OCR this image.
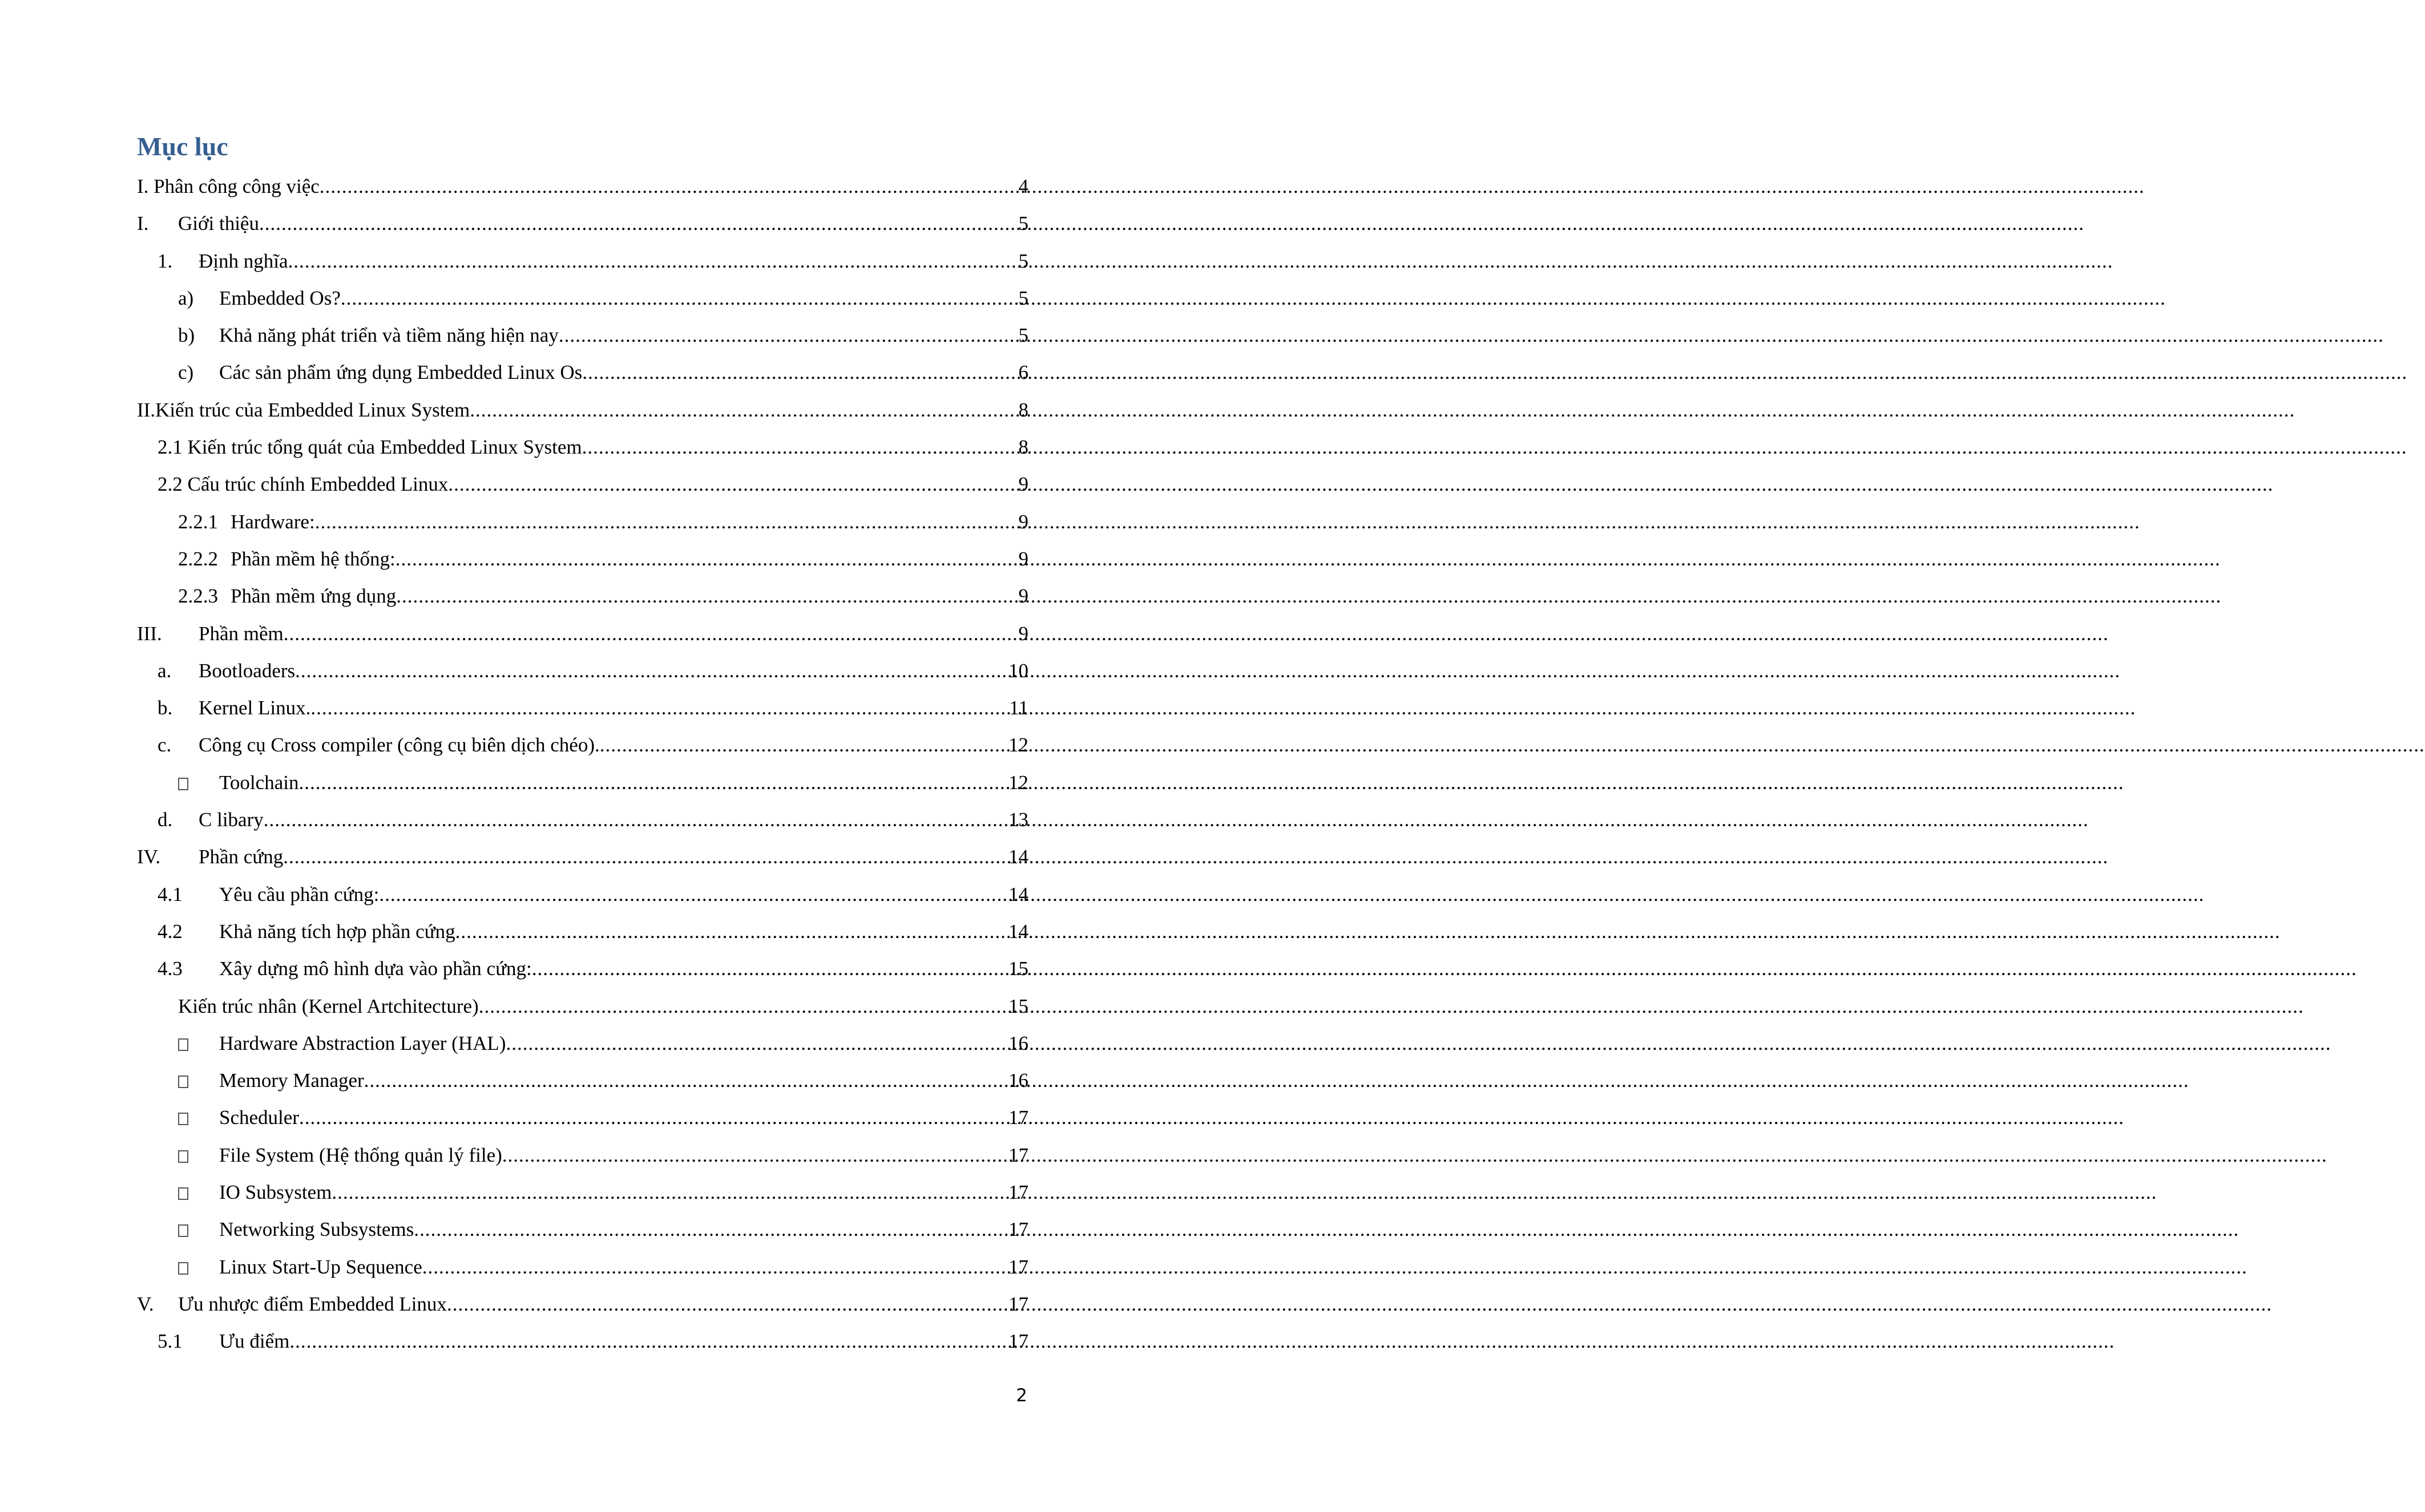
Mục lục
I. Phân công công việc .....	4
I.	Giới thiệu .....	5
1.	Định nghĩa .....	5
a)	Embedded Os? .....	5
b)	Khả năng phát triển và tiềm năng hiện nay .....	5
c)	Các sản phẩm ứng dụng Embedded Linux Os .....	6
II.Kiến trúc của Embedded Linux System .....	8
2.1 Kiến trúc tổng quát của Embedded Linux System .....	8
2.2 Cấu trúc chính Embedded Linux .....	9
2.2.1 Hardware: .....	9
2.2.2 Phần mềm hệ thống: .....	9
2.2.3 Phần mềm ứng dụng .....	9
III.	Phần mềm .....	9
a.	Bootloaders .....	10
b.	Kernel Linux. .....	11
c.	Công cụ Cross compiler (công cụ biên dịch chéo). .....	12
Toolchain .....	12
d.	C libary .....	13
IV.	Phần cứng .....	14
4.1	Yêu cầu phần cứng: .....	14
4.2	Khả năng tích hợp phần cứng .....	14
4.3	Xây dựng mô hình dựa vào phần cứng: .....	15
Kiến trúc nhân (Kernel Artchitecture) .....	15
Hardware Abstraction Layer (HAL) .....	16
Memory Manager .....	16
Scheduler .....	17
File System (Hệ thống quản lý file) .....	17
IO Subsystem .....	17
Networking Subsystems .....	17
Linux Start-Up Sequence .....	17
V.	Ưu nhược điểm Embedded Linux .....	17
5.1	Ưu điểm .....	17
2
